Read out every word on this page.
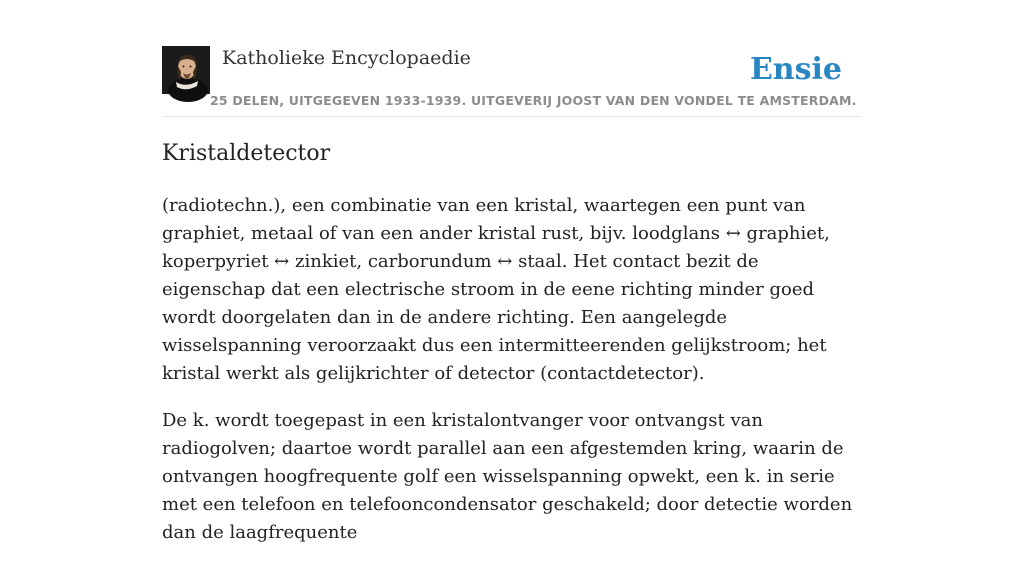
Katholieke Encyclopaedie
25 DELEN, UITGEGEVEN 1933-1939. UITGEVERIJ JOOST VAN DEN VONDEL TE AMSTERDAM.
Ensie
Kristaldetector

(radiotechn.), een combinatie van een kristal, waartegen een punt van graphiet, metaal of van een ander kristal rust, bijv. loodglans ↔ graphiet, koperpyriet ↔ zinkiet, carborundum ↔ staal. Het contact bezit de eigenschap dat een electrische stroom in de eene richting minder goed wordt doorgelaten dan in de andere richting. Een aangelegde wisselspanning veroorzaakt dus een intermitteerenden gelijkstroom; het kristal werkt als gelijkrichter of detector (contactdetector).

De k. wordt toegepast in een kristalontvanger voor ontvangst van radiogolven; daartoe wordt parallel aan een afgestemden kring, waarin de ontvangen hoogfrequente golf een wisselspanning opwekt, een k. in serie met een telefoon en telefooncondensator geschakeld; door detectie worden dan de laagfrequente
